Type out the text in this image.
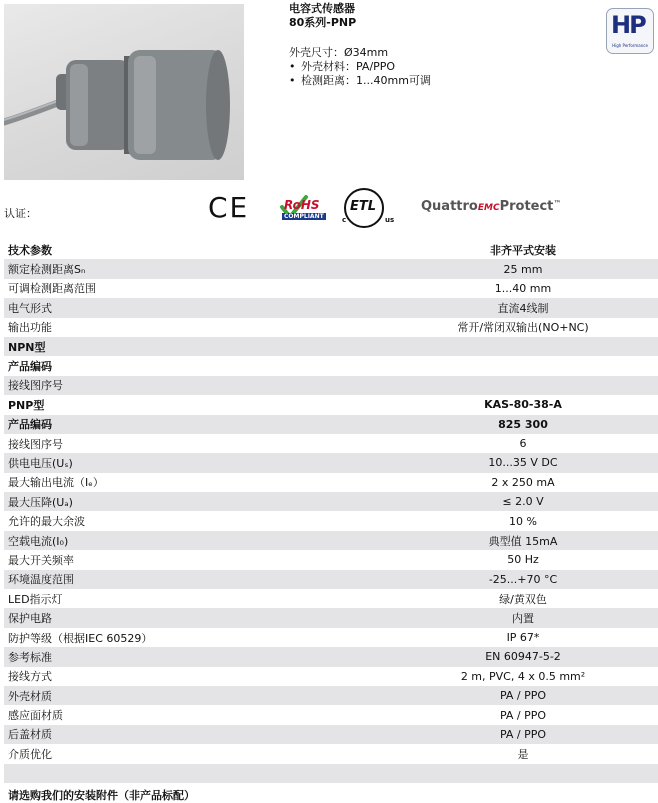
电容式传感器
80系列-PNP
外壳尺寸：Ø34mm
• 外壳材料：PA/PPO
• 检测距离：1...40mm可调
HP
High Performance
认证：	CE	RoHS
COMPLIANT
ETL
c	us
QuattroEMCProtect™
技术参数	非齐平式安装
额定检测距离Sₙ	25 mm
可调检测距离范围	1...40 mm
电气形式	直流4线制
输出功能	常开/常闭双输出(NO+NC)
NPN型	
产品编码	
接线图序号	
PNP型	KAS-80-38-A
产品编码	825 300
接线图序号	6
供电电压(Uₛ)	10...35 V DC
最大输出电流（Iₑ）	2 x 250 mA
最大压降(Uₐ)	≤ 2.0 V
允许的最大余波	10 %
空载电流(I₀)	典型值 15mA
最大开关频率	50 Hz
环境温度范围	-25...+70 °C
LED指示灯	绿/黄双色
保护电路	内置
防护等级（根据IEC 60529）	IP 67*
参考标准	EN 60947-5-2
接线方式	2 m, PVC, 4 x 0.5 mm²
外壳材质	PA / PPO
感应面材质	PA / PPO
后盖材质	PA / PPO
介质优化	是

请选购我们的安装附件（非产品标配）
